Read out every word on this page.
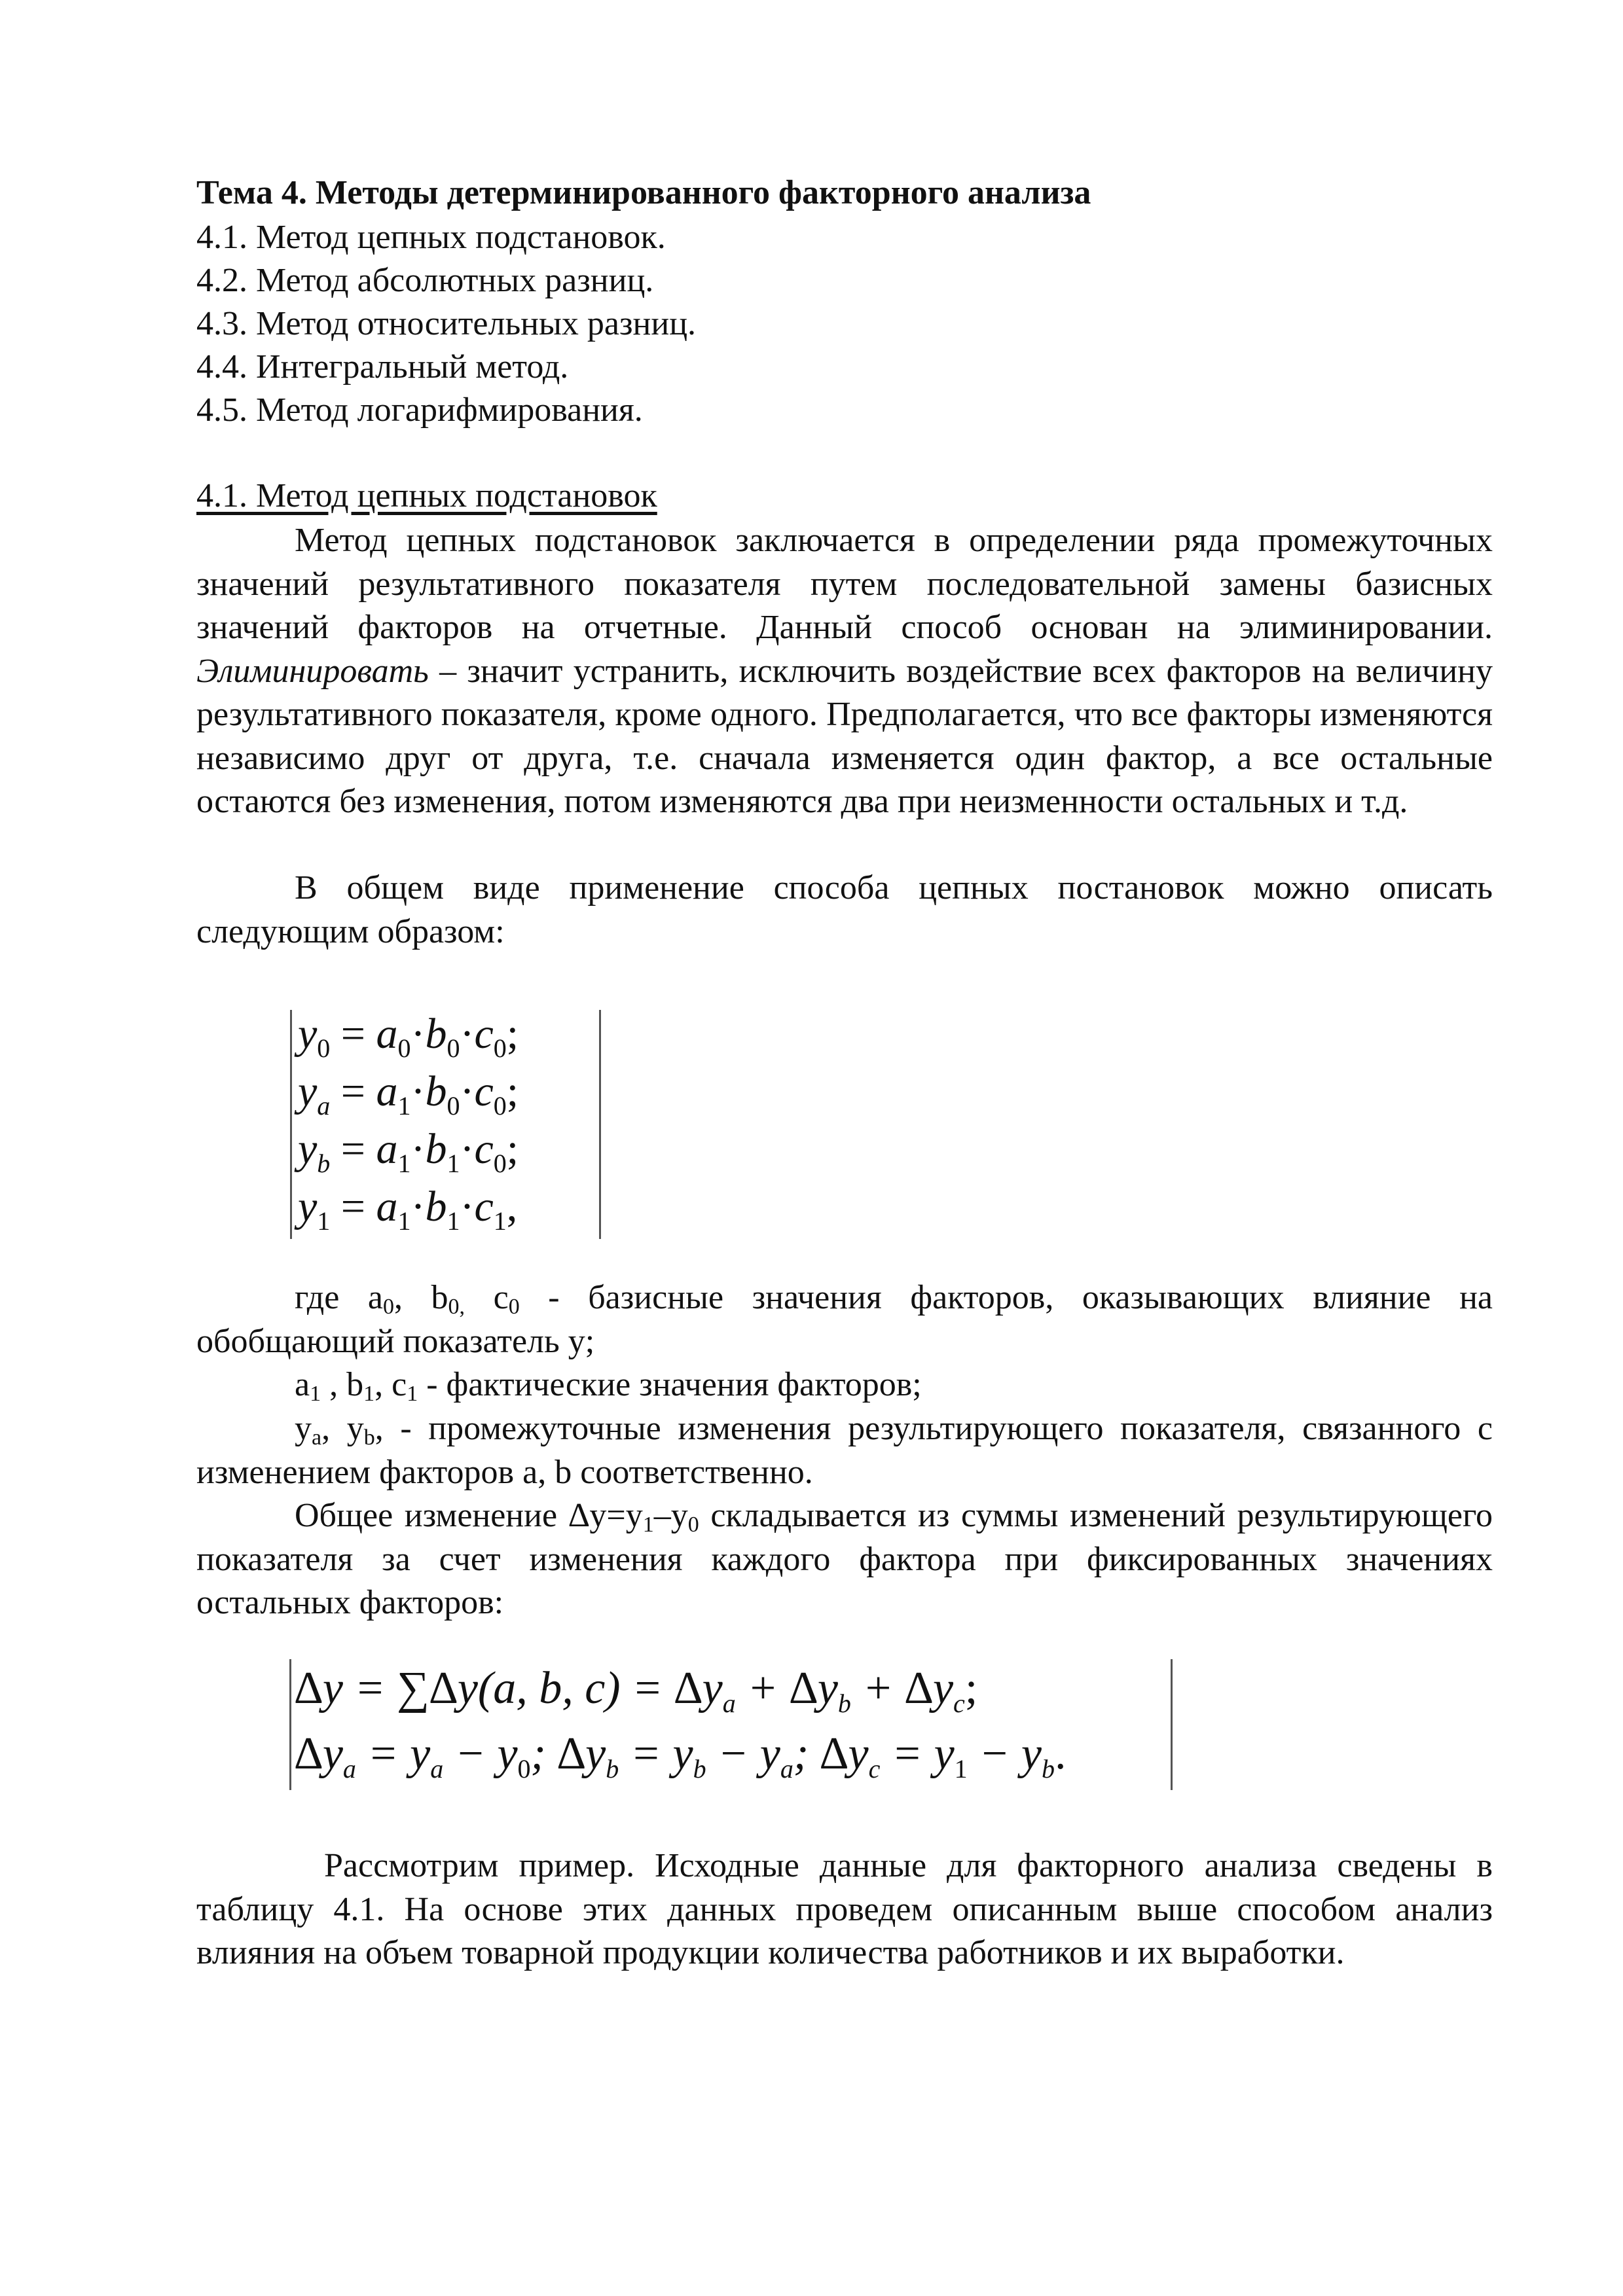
Тема 4. Методы детерминированного факторного анализа
4.1. Метод цепных подстановок.
4.2. Метод абсолютных разниц.
4.3. Метод относительных разниц.
4.4. Интегральный метод.
4.5. Метод логарифмирования.
4.1. Метод цепных подстановок
Метод цепных подстановок заключается в определении ряда промежуточных значений результативного показателя путем последовательной замены базисных значений факторов на отчетные. Данный способ основан на элиминировании. Элиминировать – значит устранить, исключить воздействие всех факторов на величину результативного показателя, кроме одного. Предполагается, что все факторы изменяются независимо друг от друга, т.е. сначала изменяется один фактор, а все остальные остаются без изменения, потом изменяются два при неизменности остальных и т.д.
В общем виде применение способа цепных постановок можно описать следующим образом:
$y_0 = a_0\cdot b_0\cdot c_0$;
$y_a = a_1\cdot b_0\cdot c_0$;
$y_b = a_1\cdot b_1\cdot c_0$;
$y_1 = a_1\cdot b_1\cdot c_1$,
где $a_0$, $b_{0,}$ $c_0$ - базисные значения факторов, оказывающих влияние на обобщающий показатель y;
$a_1$ , $b_1$, $c_1$ - фактические значения факторов;
$y_a$, $y_b$, - промежуточные изменения результирующего показателя, связанного с изменением факторов a, b соответственно.
Общее изменение $\Delta y=y_1-y_0$ складывается из суммы изменений результирующего показателя за счет изменения каждого фактора при фиксированных значениях остальных факторов:
∆y = ∑∆y(a, b, $c) = \Delta y_a + \Delta y_b + \Delta y_c$;
$\Delta y_a = y_a - y_0$; $\Delta y_b = y_b - y_a$; $\Delta y_c = y_1 - y_b$.
Рассмотрим пример. Исходные данные для факторного анализа сведены в таблицу 4.1. На основе этих данных проведем описанным выше способом анализ влияния на объем товарной продукции количества работников и их выработки.
